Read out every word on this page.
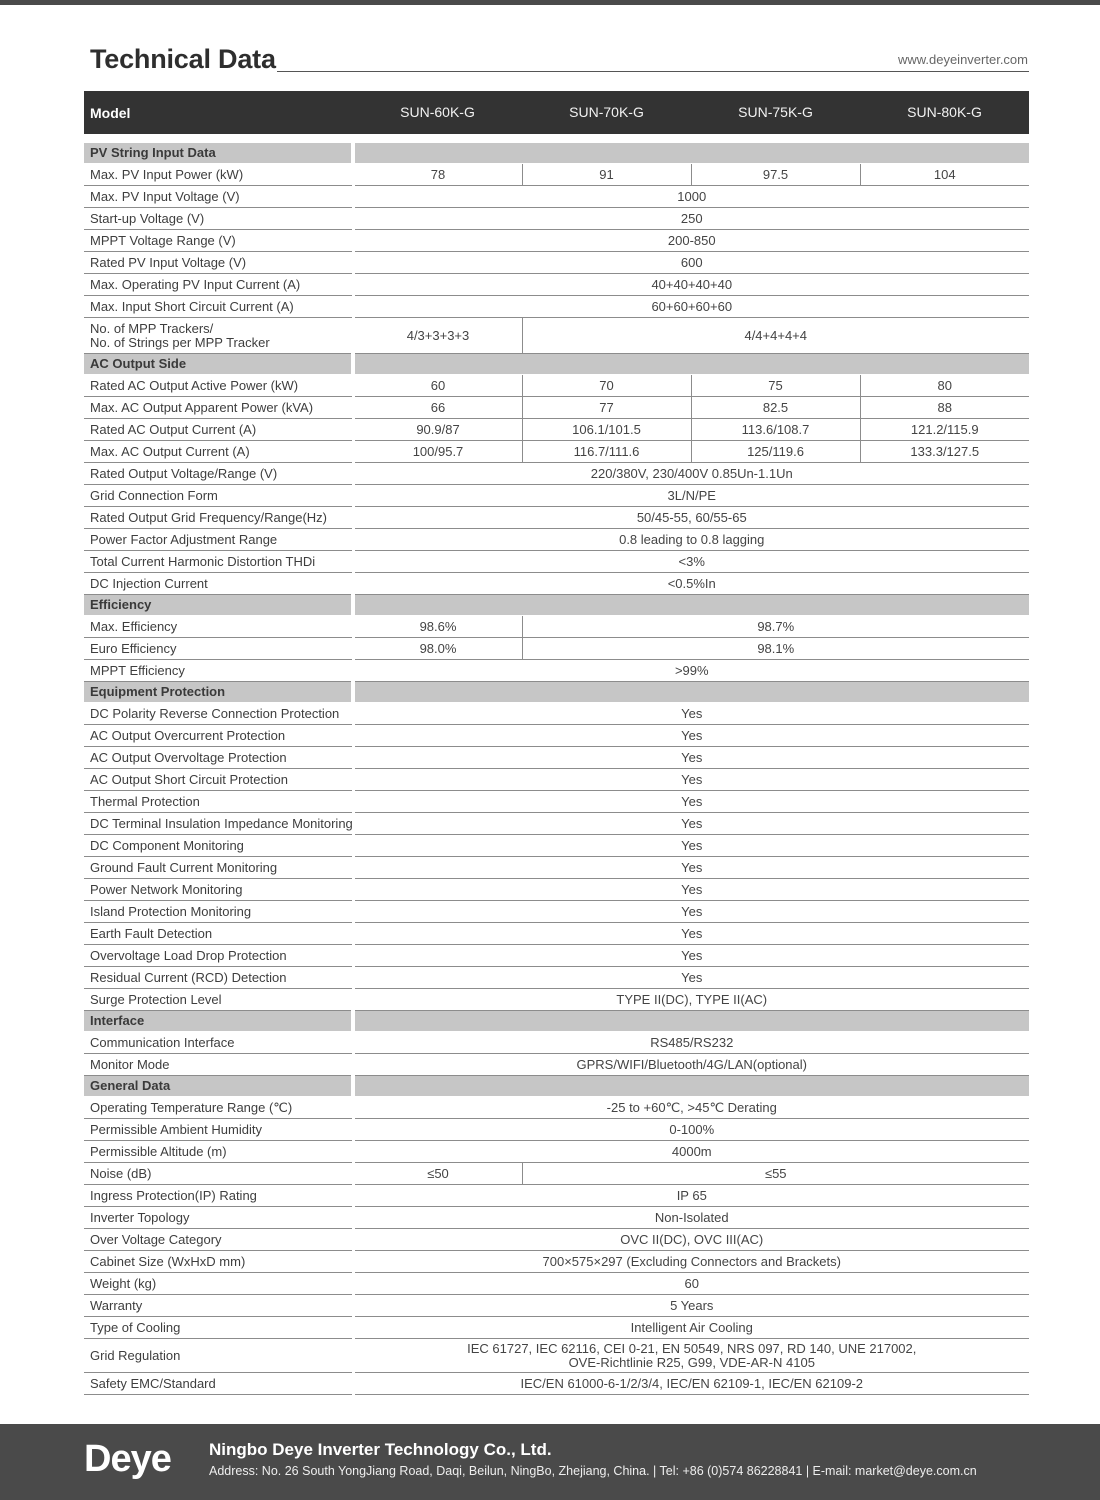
Technical Data	www.deyeinverter.com
Model	SUN-60K-G	SUN-70K-G	SUN-75K-G	SUN-80K-G
PV String Input Data				
Max. PV Input Power (kW)	78	91	97.5	104
Max. PV Input Voltage (V)	1000			
Start-up Voltage (V)	250			
MPPT Voltage Range (V)	200-850			
Rated PV Input Voltage (V)	600			
Max. Operating PV Input Current (A)	40+40+40+40			
Max. Input Short Circuit Current (A)	60+60+60+60			

No. of MPP Trackers/
No. of Strings per MPP Tracker	4/3+3+3+3	4/4+4+4+4		
AC Output Side				
Rated AC Output Active Power (kW)	60	70	75	80
Max. AC Output Apparent Power (kVA)	66	77	82.5	88
Rated AC Output Current (A)	90.9/87	106.1/101.5	113.6/108.7	121.2/115.9
Max. AC Output Current (A)	100/95.7	116.7/111.6	125/119.6	133.3/127.5
Rated Output Voltage/Range (V)	220/380V, 230/400V 0.85Un-1.1Un			
Grid Connection Form	3L/N/PE			
Rated Output Grid Frequency/Range(Hz)	50/45-55, 60/55-65			
Power Factor Adjustment Range	0.8 leading to 0.8 lagging			
Total Current Harmonic Distortion THDi	<3%			
DC Injection Current	<0.5%In			
Efficiency				
Max. Efficiency	98.6%	98.7%		
Euro Efficiency	98.0%	98.1%		
MPPT Efficiency	>99%			
Equipment Protection				
DC Polarity Reverse Connection Protection	Yes			
AC Output Overcurrent Protection	Yes			
AC Output Overvoltage Protection	Yes			
AC Output Short Circuit Protection	Yes			
Thermal Protection	Yes			
DC Terminal Insulation Impedance Monitoring	Yes			
DC Component Monitoring	Yes			
Ground Fault Current Monitoring	Yes			
Power Network Monitoring	Yes			
Island Protection Monitoring	Yes			
Earth Fault Detection	Yes			
Overvoltage Load Drop Protection	Yes			
Residual Current (RCD) Detection	Yes			
Surge Protection Level	TYPE II(DC), TYPE II(AC)			
Interface				
Communication Interface	RS485/RS232			
Monitor Mode	GPRS/WIFI/Bluetooth/4G/LAN(optional)			
General Data				
Operating Temperature Range (℃)	-25 to +60℃, >45℃ Derating			
Permissible Ambient Humidity	0-100%			
Permissible Altitude (m)	4000m			
Noise (dB)	≤50	≤55		
Ingress Protection(IP) Rating	IP 65			
Inverter Topology	Non-Isolated			
Over Voltage Category	OVC II(DC), OVC III(AC)			
Cabinet Size (WxHxD mm)	700×575×297 (Excluding Connectors and Brackets)			
Weight (kg)	60			
Warranty	5 Years			
Type of Cooling	Intelligent Air Cooling			
Grid Regulation	IEC 61727, IEC 62116, CEI 0-21, EN 50549, NRS 097, RD 140, UNE 217002,
OVE-Richtlinie R25, G99, VDE-AR-N 4105			

Safety EMC/Standard	IEC/EN 61000-6-1/2/3/4, IEC/EN 62109-1, IEC/EN 62109-2			
Deye Ningbo Deye Inverter Technology Co., Ltd.
Address: No. 26 South YongJiang Road, Daqi, Beilun, NingBo, Zhejiang, China. | Tel: +86 (0)574 86228841 | E-mail: market@deye.com.cn
